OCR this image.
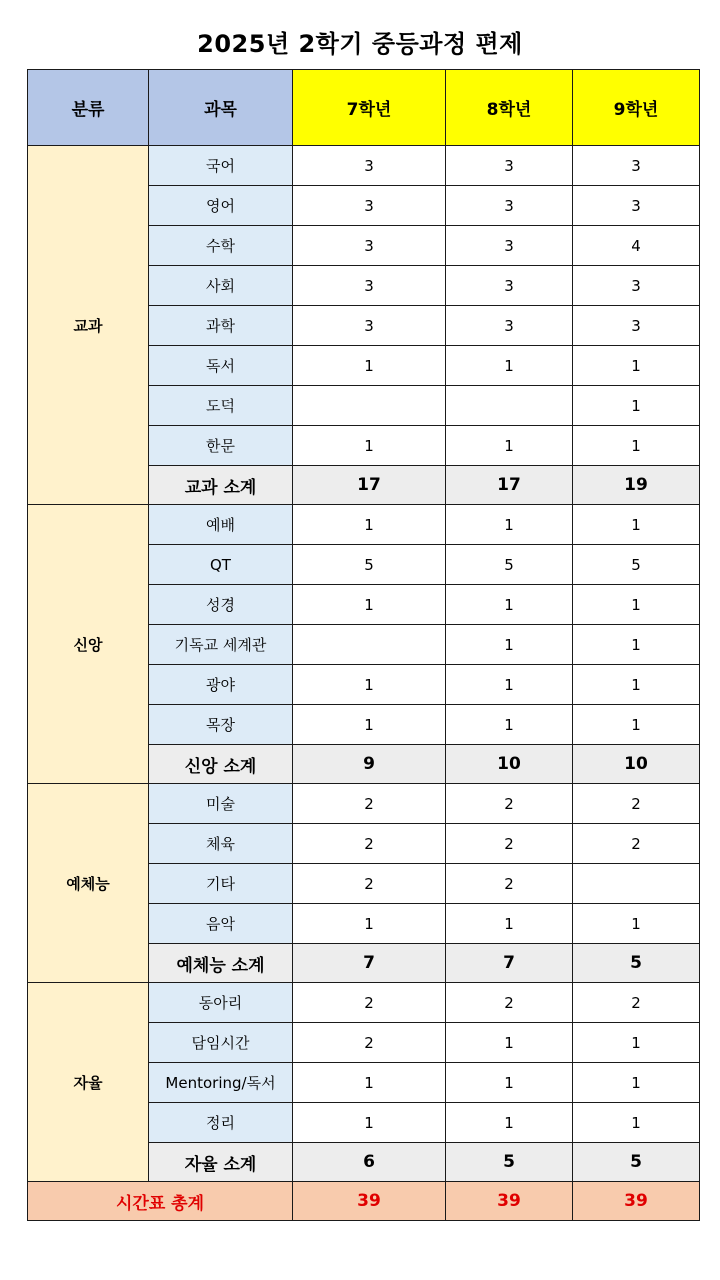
2025년 2학기 중등과정 편제
분류	과목	7학년	8학년	9학년
교과	국어	3	3	3
	영어	3	3	3
	수학	3	3	4
	사회	3	3	3
	과학	3	3	3
	독서	1	1	1
	도덕			1
	한문	1	1	1
	교과 소계	17	17	19
신앙	예배	1	1	1
	QT	5	5	5
	성경	1	1	1
	기독교 세계관		1	1
	광야	1	1	1
	목장	1	1	1
	신앙 소계	9	10	10
예체능	미술	2	2	2
	체육	2	2	2
	기타	2	2	
	음악	1	1	1
	예체능 소계	7	7	5
자율	동아리	2	2	2
	담임시간	2	1	1
	Mentoring/독서	1	1	1
	정리	1	1	1
	자율 소계	6	5	5
시간표 총계		39	39	39
